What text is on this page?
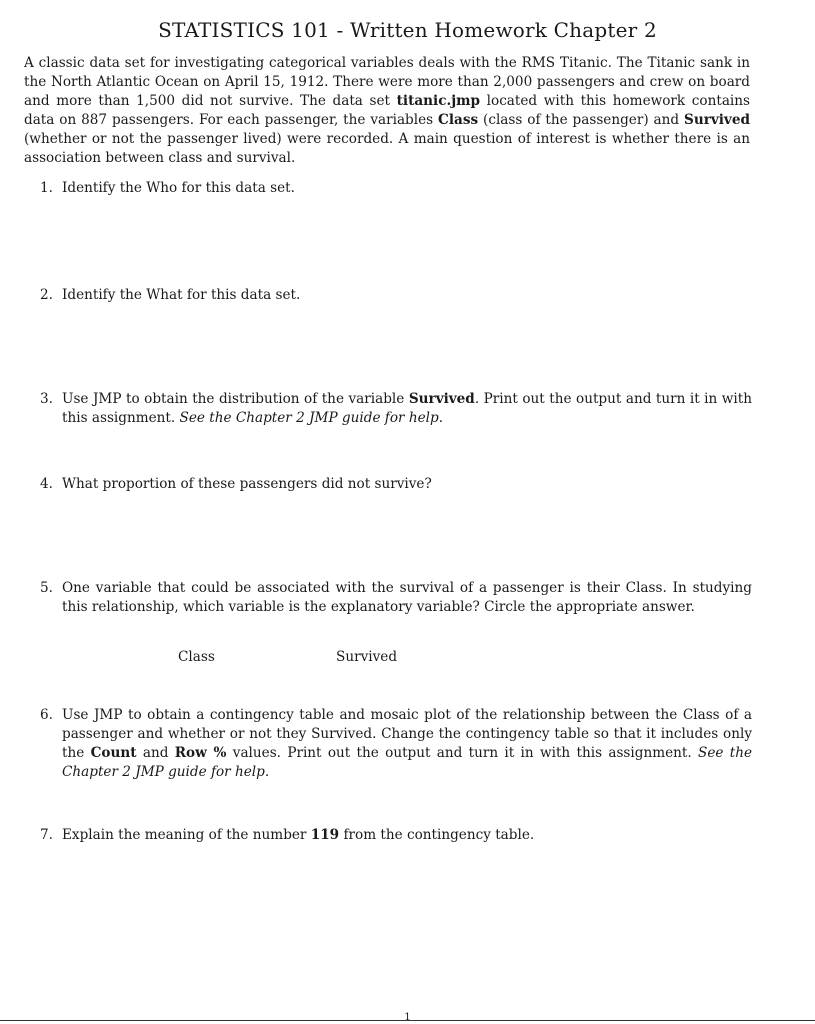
STATISTICS 101 - Written Homework Chapter 2
A classic data set for investigating categorical variables deals with the RMS Titanic. The Titanic sank in the North Atlantic Ocean on April 15, 1912. There were more than 2,000 passengers and crew on board and more than 1,500 did not survive. The data set titanic.jmp located with this homework contains data on 887 passengers. For each passenger, the variables Class (class of the passenger) and Survived (whether or not the passenger lived) were recorded. A main question of interest is whether there is an association between class and survival.
1. Identify the Who for this data set.
2. Identify the What for this data set.
3. Use JMP to obtain the distribution of the variable Survived. Print out the output and turn it in with this assignment. See the Chapter 2 JMP guide for help.
4. What proportion of these passengers did not survive?
5. One variable that could be associated with the survival of a passenger is their Class. In studying this relationship, which variable is the explanatory variable? Circle the appropriate answer.
Class	Survived
6. Use JMP to obtain a contingency table and mosaic plot of the relationship between the Class of a passenger and whether or not they Survived. Change the contingency table so that it includes only the Count and Row % values. Print out the output and turn it in with this assignment. See the Chapter 2 JMP guide for help.
7. Explain the meaning of the number 119 from the contingency table.
1
